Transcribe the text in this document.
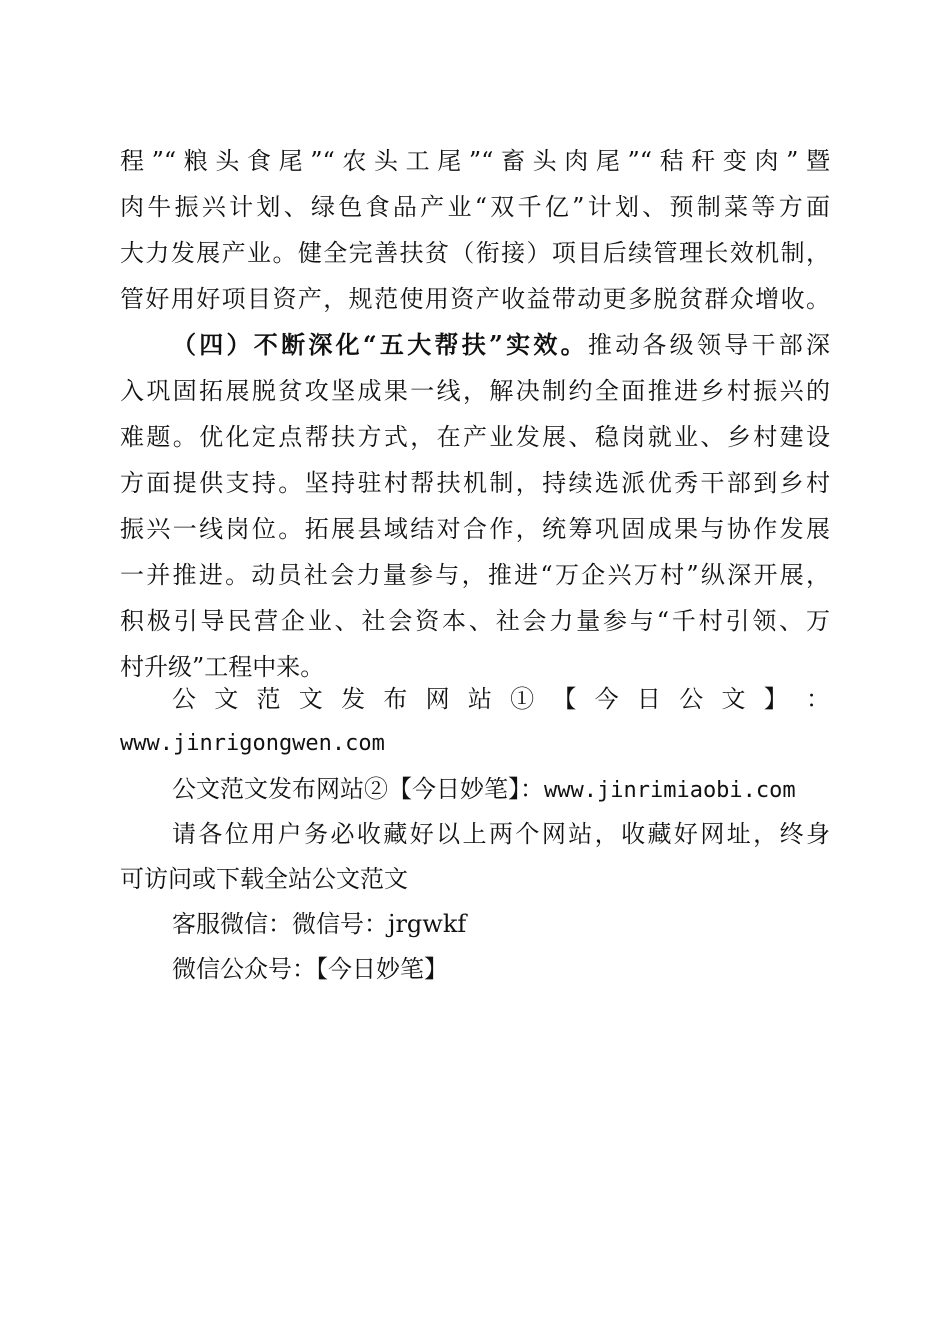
程”“粮头食尾”“农头工尾”“畜头肉尾”“秸秆变肉”暨
肉牛振兴计划、绿色食品产业“双千亿”计划、预制菜等方面
大力发展产业。健全完善扶贫（衔接）项目后续管理长效机制，
管好用好项目资产，规范使用资产收益带动更多脱贫群众增收。
（四）不断深化“五大帮扶”实效。推动各级领导干部深
入巩固拓展脱贫攻坚成果一线，解决制约全面推进乡村振兴的
难题。优化定点帮扶方式，在产业发展、稳岗就业、乡村建设
方面提供支持。坚持驻村帮扶机制，持续选派优秀干部到乡村
振兴一线岗位。拓展县域结对合作，统筹巩固成果与协作发展
一并推进。动员社会力量参与，推进“万企兴万村”纵深开展，
积极引导民营企业、社会资本、社会力量参与“千村引领、万
村升级”工程中来。
公 文 范 文 发 布 网 站 ① 【 今 日 公 文 】 ：
www.jinrigongwen.com
公文范文发布网站②【今日妙笔】：www.jinrimiaobi.com
请各位用户务必收藏好以上两个网站，收藏好网址，终身
可访问或下载全站公文范文
客服微信：微信号：jrgwkf
微信公众号：【今日妙笔】
